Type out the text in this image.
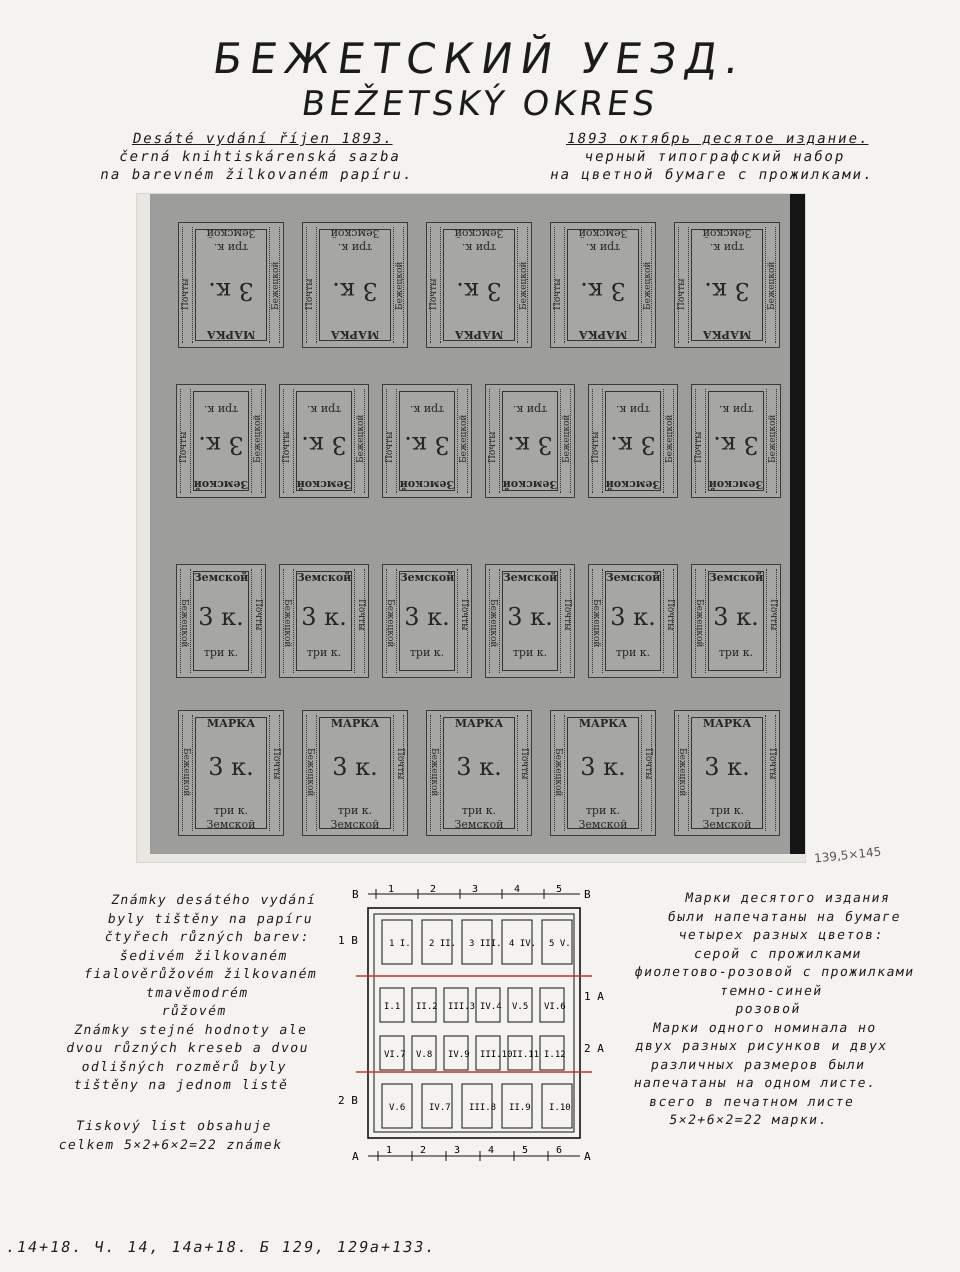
БЕЖЕТСКИЙ УЕЗД.
BEŽETSKÝ OKRES
Desáté vydání říjen 1893.
černá knihtiskárenská sazba
na barevném žilkovaném papíru.
1893 октябрь десятое издание.
черный типографский набор
на цветной бумаге с прожилками.
МАРКА
3 к.
три к.
Земской
Бежецкой
Почты
МАРКА
3 к.
три к.
Земской
Бежецкой
Почты
МАРКА
3 к.
три к.
Земской
Бежецкой
Почты
МАРКА
3 к.
три к.
Земской
Бежецкой
Почты
МАРКА
3 к.
три к.
Земской
Бежецкой
Почты
Земской
3 к.
три к.
Бежецкой
Почты
Земской
3 к.
три к.
Бежецкой
Почты
Земской
3 к.
три к.
Бежецкой
Почты
Земской
3 к.
три к.
Бежецкой
Почты
Земской
3 к.
три к.
Бежецкой
Почты
Земской
3 к.
три к.
Бежецкой
Почты
Земской
3 к.
три к.
Бежецкой	Почты
Земской
3 к.
три к.
Бежецкой	Почты
Земской
3 к.
три к.
Бежецкой	Почты
Земской
3 к.
три к.
Бежецкой	Почты
Земской
3 к.
три к.
Бежецкой	Почты
Земской
3 к.
три к.
Бежецкой	Почты
МАРКА
3 к.
три к.
Земской
Бежецкой	Почты
МАРКА
3 к.
три к.
Земской
Бежецкой	Почты
МАРКА
3 к.
три к.
Земской
Бежецкой	Почты
МАРКА
3 к.
три к.
Земской
Бежецкой	Почты
МАРКА
3 к.
три к.
Земской
Бежецкой	Почты
139,5×145
Známky desátého vydání
byly tištěny na papíru
čtyřech různých barev:
šedivém žilkovaném
fialověrůžovém žilkovaném
tmavěmodrém
růžovém
Známky stejné hodnoty ale
dvou různých kreseb a dvou
odlišných rozměrů byly
tištěny na jednom listě

Tiskový list obsahuje
celkem 5×2+6×2=22 známek
Марки десятого издания
были напечатаны на бумаге
четырех разных цветов:
серой с прожилками
фиолетово-розовой с прожилками
темно-синей
розовой
Марки одного номинала но
двух разных рисунков и двух
различных размеров были
напечатаны на одном листе.
всего в печатном листе
5×2+6×2=22 марки.
B	B
1	2	3	4	5
A	A
1	2	3	4	5	6
1 B
2 B
1 A
2 A
1 I. 2 II. 3 III. 4 IV. 5 V.
I.1 II.2 III.3 IV.4 V.5 VI.6
VI.7 V.8 IV.9 III.10 II.11 I.12
V.6	IV.7 III.8 II.9 I.10
.14+18. Ч. 14, 14а+18. Б 129, 129а+133.
